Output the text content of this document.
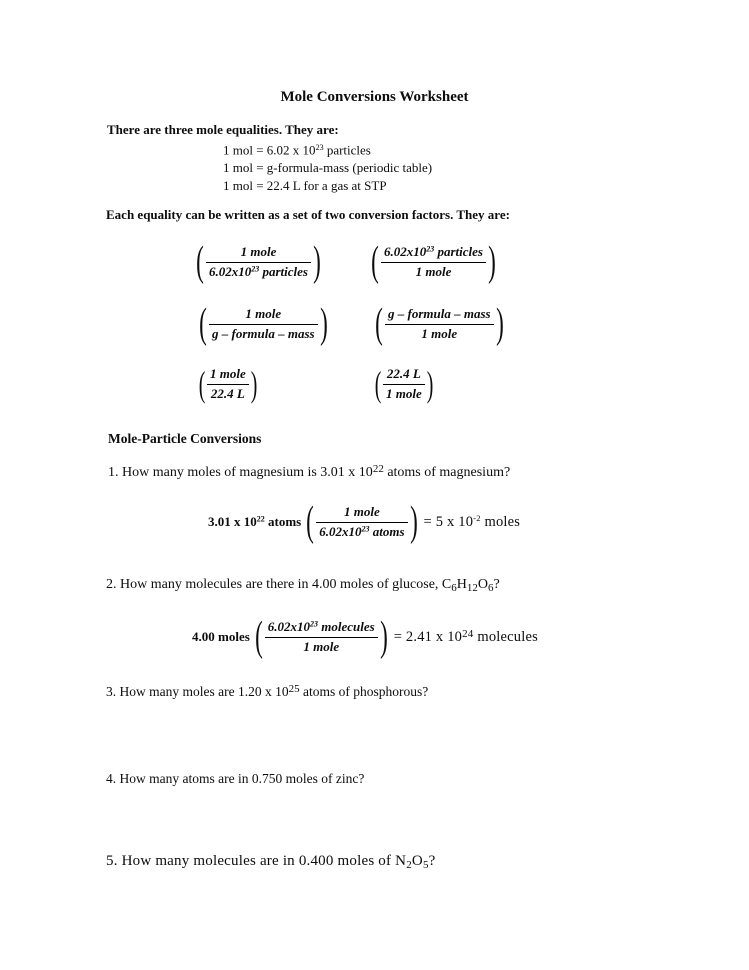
Mole Conversions Worksheet
There are three mole equalities. They are:
1 mol = 6.02 x $10^{23}$ particles
1 mol = g-formula-mass (periodic table)
1 mol = 22.4 L for a gas at STP
Each equality can be written as a set of two conversion factors. They are:
(	1 mole
$6.02x10^{23}$ particles ) ( $6.02x10^{23}$ particles
1 mole )
(	1 mole
g – formula – mass ) ( g – formula – mass
1 mole )
( 1 mole
22.4 L )	( 22.4 L
1 mole )
Mole-Particle Conversions
1. How many moles of magnesium is 3.01 x $10^{22}$ atoms of magnesium?
3.01 x $10^{22}$ atoms ( 1 mole
$6.02x10^{23}$ atoms ) = 5 x $10^{-2}$ moles
2. How many molecules are there in 4.00 moles of glucose, $C_6H_{12}O_6$?
4.00 moles ( $6.02x10^{23}$ molecules
1 mole ) = 2.41 x $10^{24}$ molecules
3. How many moles are 1.20 x $10^{25}$ atoms of phosphorous?
4. How many atoms are in 0.750 moles of zinc?
5. How many molecules are in 0.400 moles of $N_2O_5$?
